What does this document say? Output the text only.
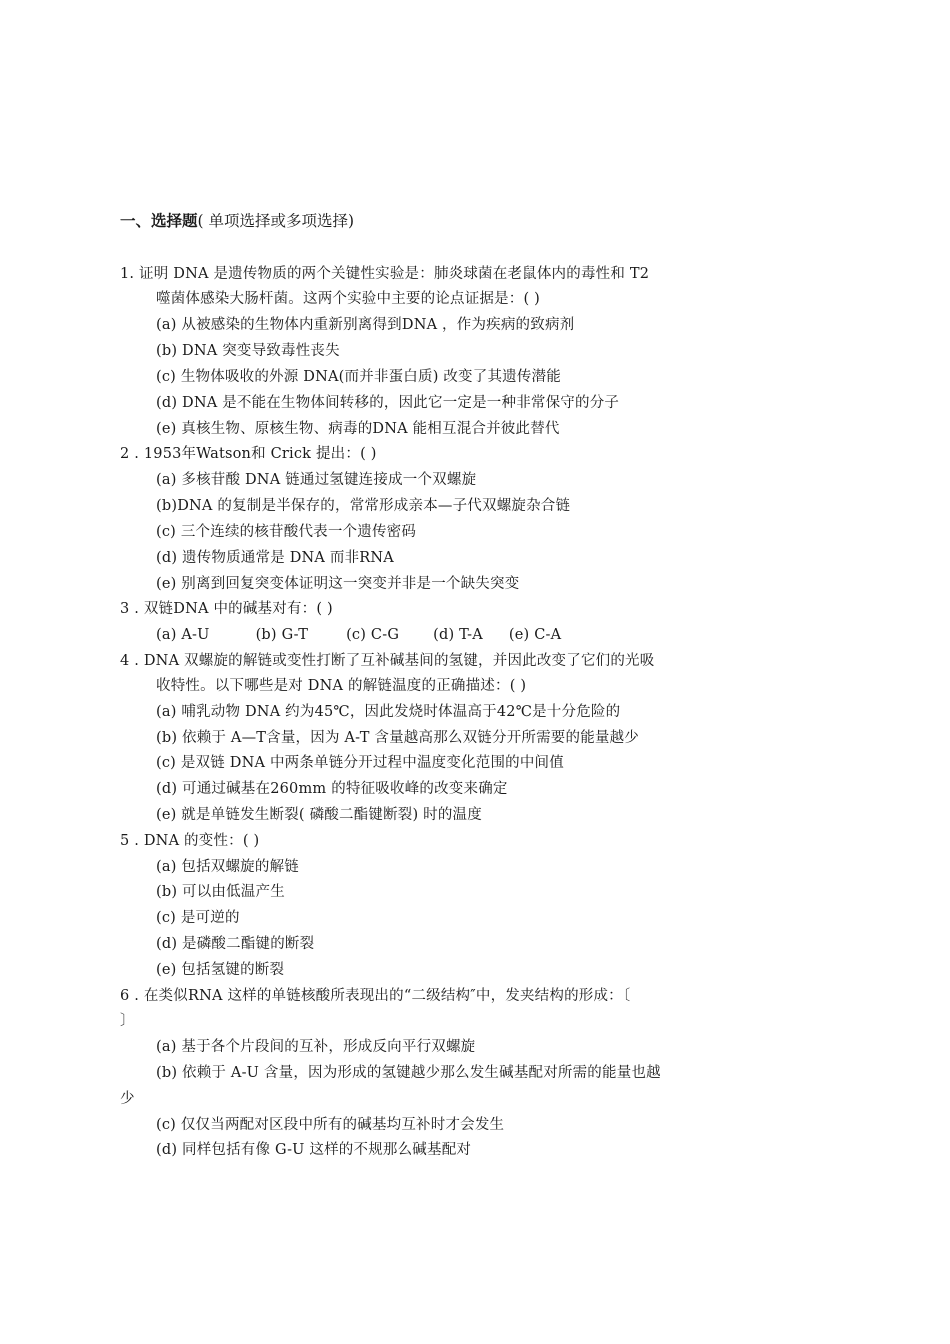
一、选择题( 单项选择或多项选择)
1. 证明 DNA 是遗传物质的两个关键性实验是：肺炎球菌在老鼠体内的毒性和 T2
噬菌体感染大肠杆菌。这两个实验中主要的论点证据是：( )
(a) 从被感染的生物体内重新别离得到DNA ，作为疾病的致病剂
(b) DNA 突变导致毒性丧失
(c) 生物体吸收的外源 DNA(而并非蛋白质) 改变了其遗传潜能
(d) DNA 是不能在生物体间转移的，因此它一定是一种非常保守的分子
(e) 真核生物、原核生物、病毒的DNA 能相互混合并彼此替代
2 . 1953年Watson和 Crick 提出：( )
(a) 多核苷酸 DNA 链通过氢键连接成一个双螺旋
(b)DNA 的复制是半保存的，常常形成亲本—子代双螺旋杂合链
(c) 三个连续的核苷酸代表一个遗传密码
(d) 遗传物质通常是 DNA 而非RNA
(e) 别离到回复突变体证明这一突变并非是一个缺失突变
3 . 双链DNA 中的碱基对有：( )
(a) A-U	(b) G-T	(c) C-G (d) T-A (e) C-A
4 . DNA 双螺旋的解链或变性打断了互补碱基间的氢键，并因此改变了它们的光吸
收特性。以下哪些是对 DNA 的解链温度的正确描述：( )
(a) 哺乳动物 DNA 约为45℃，因此发烧时体温高于42℃是十分危险的
(b) 依赖于 A—T含量，因为 A-T 含量越高那么双链分开所需要的能量越少
(c) 是双链 DNA 中两条单链分开过程中温度变化范围的中间值
(d) 可通过碱基在260mm 的特征吸收峰的改变来确定
(e) 就是单链发生断裂( 磷酸二酯键断裂) 时的温度
5 . DNA 的变性：( )
(a) 包括双螺旋的解链
(b) 可以由低温产生
(c) 是可逆的
(d) 是磷酸二酯键的断裂
(e) 包括氢键的断裂
6 . 在类似RNA 这样的单链核酸所表现出的“二级结构″中，发夹结构的形成：〔
〕
(a) 基于各个片段间的互补，形成反向平行双螺旋
(b) 依赖于 A-U 含量，因为形成的氢键越少那么发生碱基配对所需的能量也越
少
(c) 仅仅当两配对区段中所有的碱基均互补时才会发生
(d) 同样包括有像 G-U 这样的不规那么碱基配对
